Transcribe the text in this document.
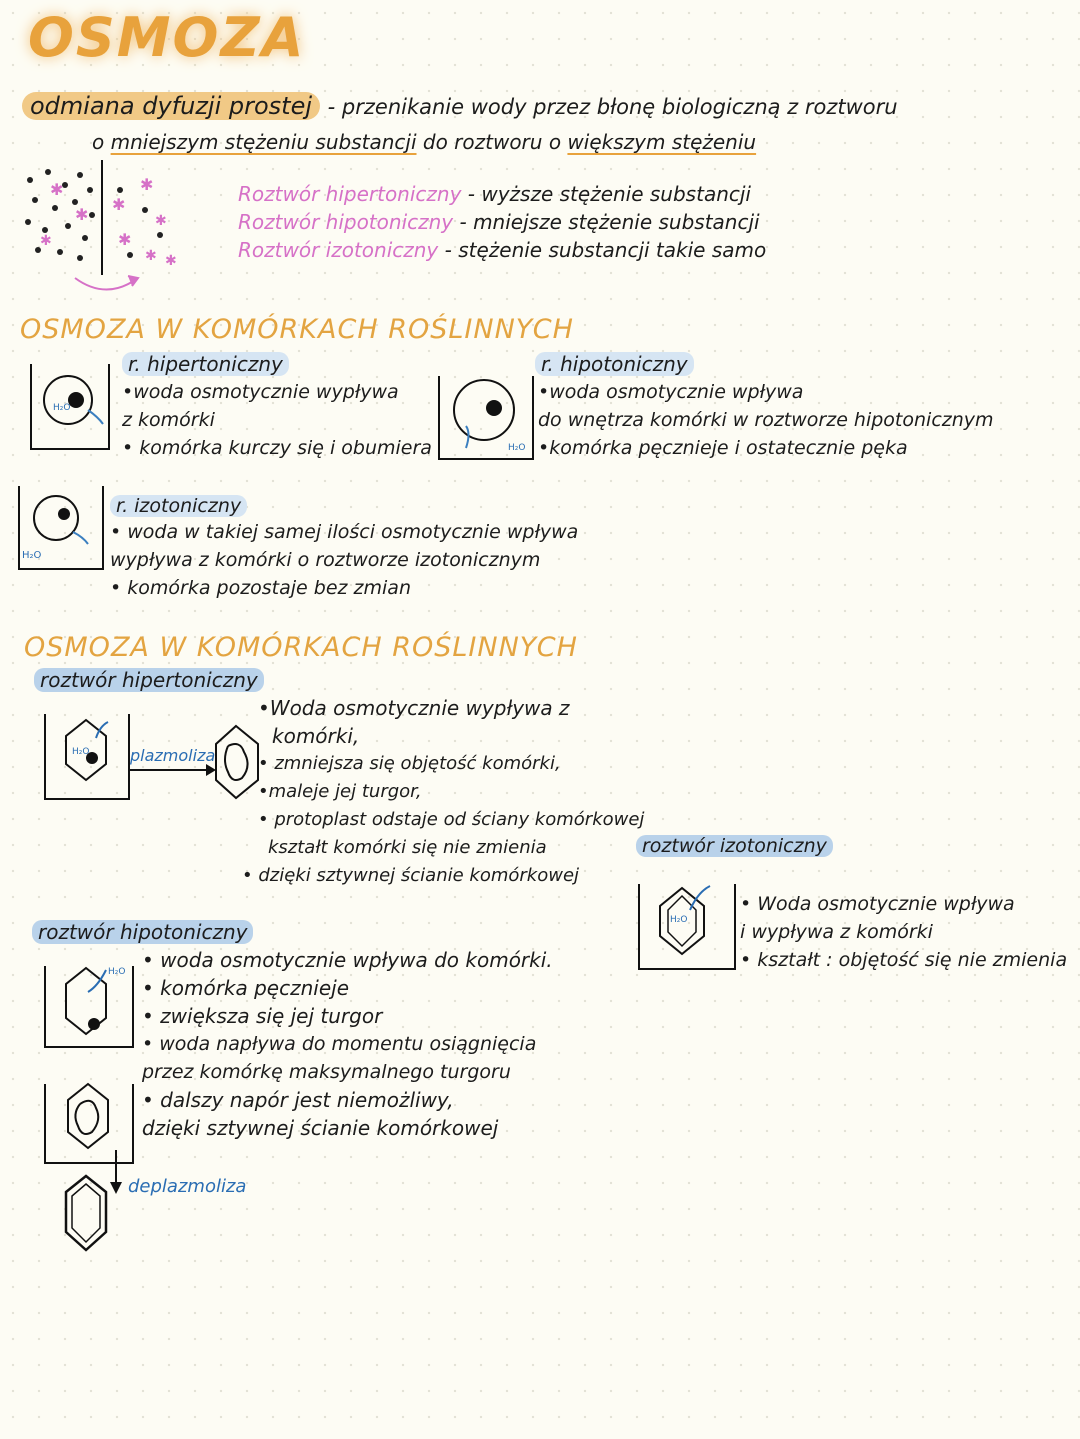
OSMOZA
odmiana dyfuzji prostej - przenikanie wody przez błonę biologiczną z roztworu
o mniejszym stężeniu substancji do roztworu o większym stężeniu
✱
✱
✱
✱
✱
✱
✱
✱ ✱
Roztwór hipertoniczny - wyższe stężenie substancji
Roztwór hipotoniczny - mniejsze stężenie substancji
Roztwór izotoniczny - stężenie substancji takie samo
OSMOZA W KOMÓRKACH ROŚLINNYCH
r. hipertoniczny
H₂O
•woda osmotycznie wypływa
z komórki
• komórka kurczy się i obumiera
r. hipotoniczny
H₂O
•woda osmotycznie wpływa
do wnętrza komórki w roztworze hipotonicznym
•komórka pęcznieje i ostatecznie pęka
r. izotoniczny
H₂O
• woda w takiej samej ilości osmotycznie wpływa
wypływa z komórki o roztworze izotonicznym
• komórka pozostaje bez zmian
OSMOZA W KOMÓRKACH ROŚLINNYCH
roztwór hipertoniczny
H₂O	plazmoliza
•Woda osmotycznie wypływa z
komórki,
• zmniejsza się objętość komórki,
•maleje jej turgor,
• protoplast odstaje od ściany komórkowej
kształt komórki się nie zmienia
• dzięki sztywnej ścianie komórkowej
roztwór izotoniczny
H₂O
• Woda osmotycznie wpływa
i wypływa z komórki
• kształt : objętość się nie zmienia
roztwór hipotoniczny
H₂O
deplazmoliza
• woda osmotycznie wpływa do komórki.
• komórka pęcznieje
• zwiększa się jej turgor
• woda napływa do momentu osiągnięcia
przez komórkę maksymalnego turgoru
• dalszy napór jest niemożliwy,
dzięki sztywnej ścianie komórkowej
